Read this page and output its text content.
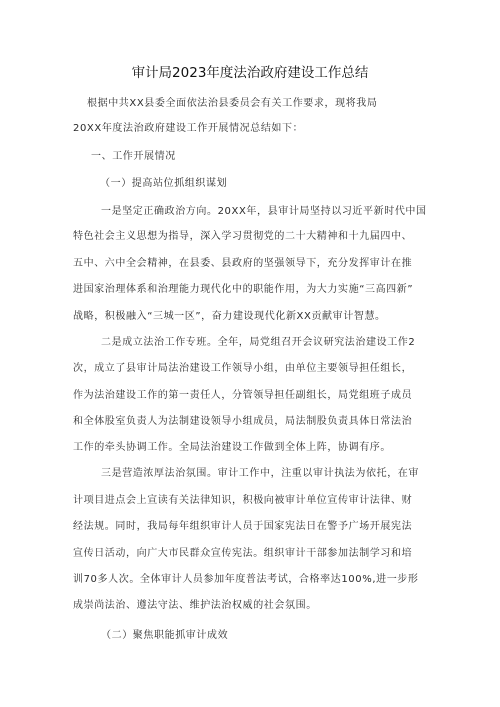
审计局2023年度法治政府建设工作总结
根据中共XX县委全面依法治县委员会有关工作要求，现将我局
20XX年度法治政府建设工作开展情况总结如下：
一、工作开展情况
（一）提高站位抓组织谋划
一是坚定正确政治方向。20XX年，县审计局坚持以习近平新时代中国
特色社会主义思想为指导，深入学习贯彻党的二十大精神和十九届四中、
五中、六中全会精神，在县委、县政府的坚强领导下，充分发挥审计在推
进国家治理体系和治理能力现代化中的职能作用，为大力实施“三高四新”
战略，积极融入“三城一区”，奋力建设现代化新XX贡献审计智慧。
二是成立法治工作专班。全年，局党组召开会议研究法治建设工作2
次，成立了县审计局法治建设工作领导小组，由单位主要领导担任组长，
作为法治建设工作的第一责任人，分管领导担任副组长，局党组班子成员
和全体股室负责人为法制建设领导小组成员，局法制股负责具体日常法治
工作的牵头协调工作。全局法治建设工作做到全体上阵，协调有序。
三是营造浓厚法治氛围。审计工作中，注重以审计执法为依托，在审
计项目进点会上宣读有关法律知识，积极向被审计单位宣传审计法律、财
经法规。同时，我局每年组织审计人员于国家宪法日在警予广场开展宪法
宣传日活动，向广大市民群众宣传宪法。组织审计干部参加法制学习和培
训70多人次。全体审计人员参加年度普法考试，合格率达100%,进一步形
成崇尚法治、遵法守法、维护法治权威的社会氛围。
（二）聚焦职能抓审计成效
